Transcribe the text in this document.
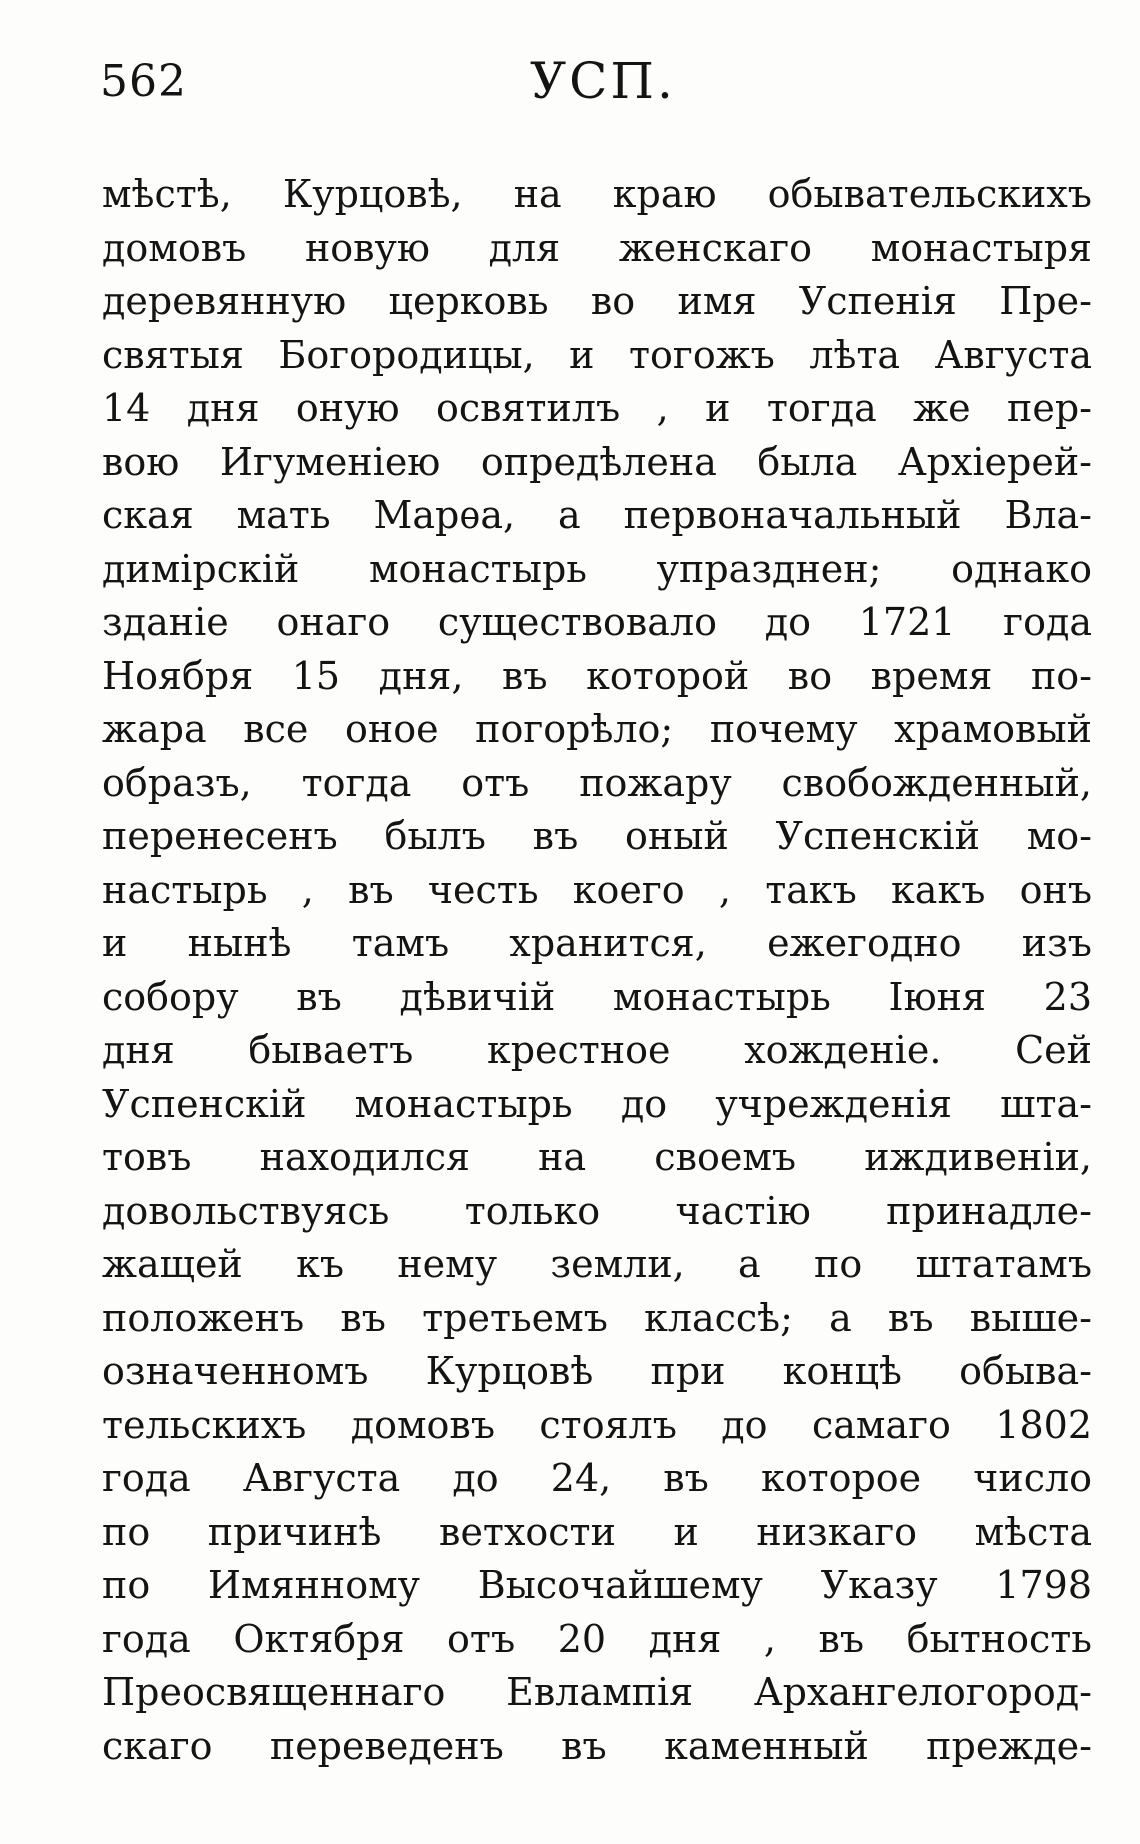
562	УСП.
мѣстѣ, Курцовѣ, на краю обывательскихъ
домовъ новую для женскаго монастыря
деревянную церковь во имя Успенія Пре-
святыя Богородицы, и тогожъ лѣта Августа
14 дня оную освятилъ , и тогда же пер-
вою Игуменіею опредѣлена была Архіерей-
ская мать Марѳа, а первоначальный Вла-
димірскій монастырь упразднен; однако
зданіе онаго существовало до 1721 года
Ноября 15 дня, въ которой во время по-
жара все оное погорѣло; почему храмовый
образъ, тогда отъ пожару свобожденный,
перенесенъ былъ въ оный Успенскій мо-
настырь , въ честь коего , такъ какъ онъ
и нынѣ тамъ хранится, ежегодно изъ
собору въ дѣвичій монастырь Іюня 23
дня бываетъ крестное хожденіе. Сей
Успенскій монастырь до учрежденія шта-
товъ находился на своемъ иждивеніи,
довольствуясь только частію принадле-
жащей къ нему земли, а по штатамъ
положенъ въ третьемъ классѣ; а въ выше-
означенномъ Курцовѣ при концѣ обыва-
тельскихъ домовъ стоялъ до самаго 1802
года Августа до 24, въ которое число
по причинѣ ветхости и низкаго мѣста
по Имянному Высочайшему Указу 1798
года Октября отъ 20 дня , въ бытность
Преосвященнаго Евлампія Архангелогород-
скаго переведенъ въ каменный прежде-
